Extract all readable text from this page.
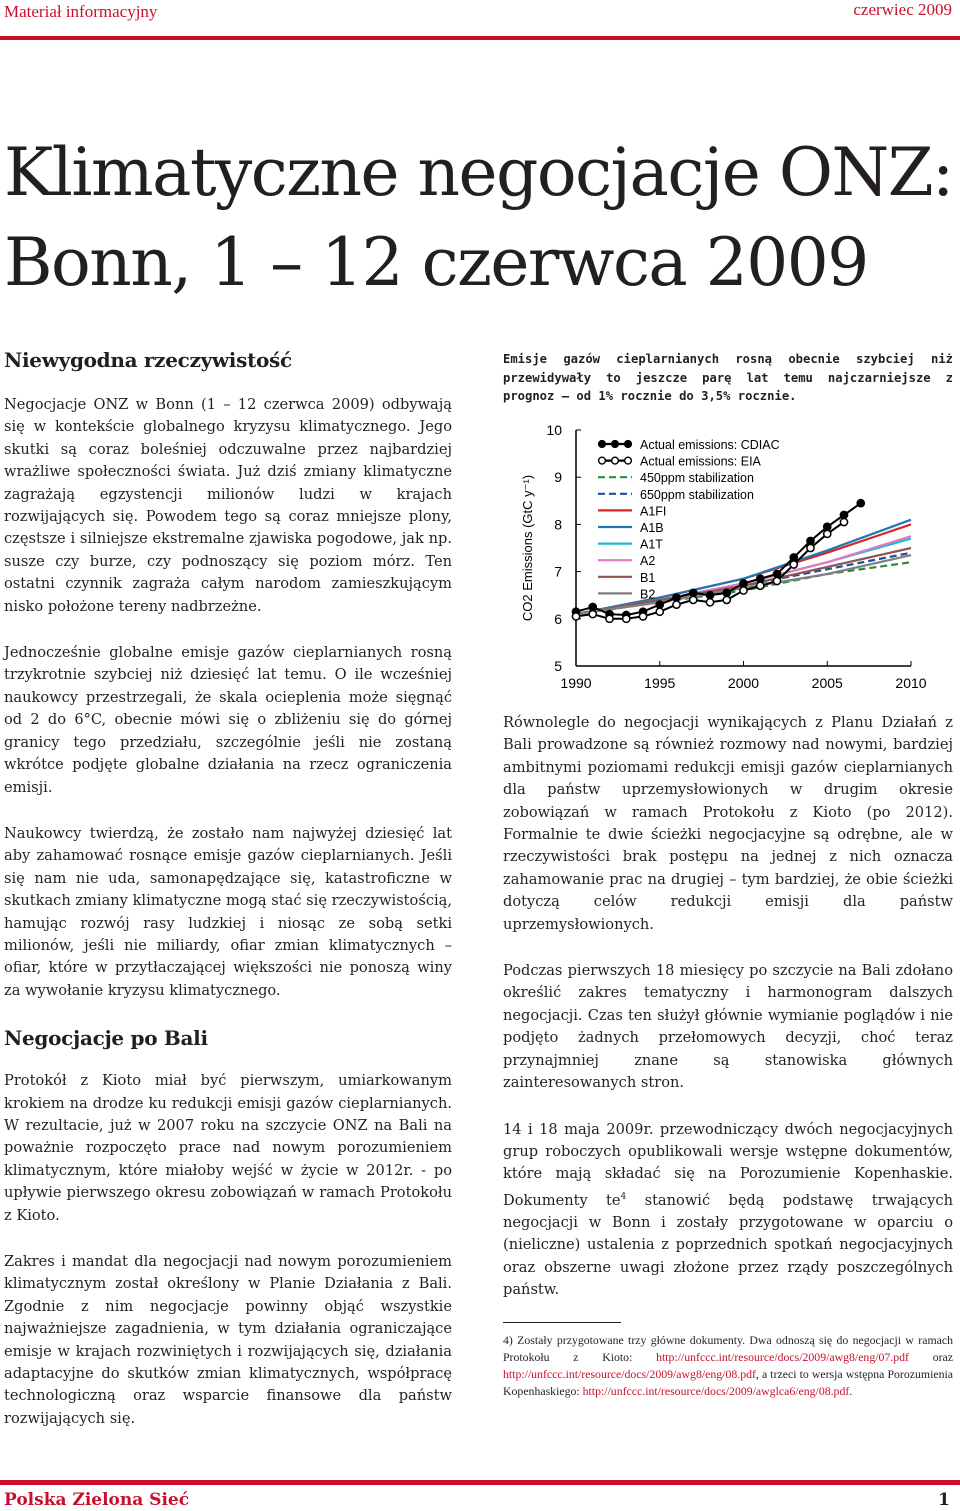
Materiał informacyjny	czerwiec 2009
Klimatyczne negocjacje ONZ:
Bonn, 1 – 12 czerwca 2009
Niewygodna rzeczywistość

Negocjacje ONZ w Bonn (1 – 12 czerwca 2009) odbywają się w kontekście globalnego kryzysu klimatycznego. Jego skutki są coraz boleśniej odczuwalne przez najbardziej wrażliwe społeczności świata. Już dziś zmiany klimatyczne zagrażają egzystencji milionów ludzi w krajach rozwijających się. Powodem tego są coraz mniejsze plony, częstsze i silniejsze ekstremalne zjawiska pogodowe, jak np. susze czy burze, czy podnoszący się poziom mórz. Ten ostatni czynnik zagraża całym narodom zamieszkującym nisko położone tereny nadbrzeżne.

Jednocześnie globalne emisje gazów cieplarnianych rosną trzykrotnie szybciej niż dziesięć lat temu. O ile wcześniej naukowcy przestrzegali, że skala ocieplenia może sięgnąć od 2 do 6°C, obecnie mówi się o zbliżeniu się do górnej granicy tego przedziału, szczególnie jeśli nie zostaną wkrótce podjęte globalne działania na rzecz ograniczenia emisji.

Naukowcy twierdzą, że zostało nam najwyżej dziesięć lat aby zahamować rosnące emisje gazów cieplarnianych. Jeśli się nam nie uda, samonapędzające się, katastroficzne w skutkach zmiany klimatyczne mogą stać się rzeczywistością, hamując rozwój rasy ludzkiej i niosąc ze sobą setki milionów, jeśli nie miliardy, ofiar zmian klimatycznych – ofiar, które w przytłaczającej większości nie ponoszą winy za wywołanie kryzysu klimatycznego.

Negocjacje po Bali

Protokół z Kioto miał być pierwszym, umiarkowanym krokiem na drodze ku redukcji emisji gazów cieplarnianych. W rezultacie, już w 2007 roku na szczycie ONZ na Bali na poważnie rozpoczęto prace nad nowym porozumieniem klimatycznym, które miałoby wejść w życie w 2012r. - po upływie pierwszego okresu zobowiązań w ramach Protokołu z Kioto.

Zakres i mandat dla negocjacji nad nowym porozumieniem klimatycznym został określony w Planie Działania z Bali. Zgodnie z nim negocjacje powinny objąć wszystkie najważniejsze zagadnienia, w tym działania ograniczające emisje w krajach rozwiniętych i rozwijających się, działania adaptacyjne do skutków zmian klimatycznych, współpracę technologiczną oraz wsparcie finansowe dla państw rozwijających się.

Emisje gazów cieplarnianych rosną obecnie szybciej niż przewidywały to jeszcze parę lat temu najczarniejsze z prognoz – od 1% rocznie do 3,5% rocznie.

5
6
7
8
9
10
1990	1995	2000	2005	2010
CO2 Emissions (GtC y⁻¹)
Actual emissions: CDIAC
Actual emissions: EIA
450ppm stabilization
650ppm stabilization
A1FI
A1B
A1T
A2
B1
B2

Równolegle do negocjacji wynikających z Planu Działań z Bali prowadzone są również rozmowy nad nowymi, bardziej ambitnymi poziomami redukcji emisji gazów cieplarnianych dla państw uprzemysłowionych w drugim okresie zobowiązań w ramach Protokołu z Kioto (po 2012). Formalnie te dwie ścieżki negocjacyjne są odrębne, ale w rzeczywistości brak postępu na jednej z nich oznacza zahamowanie prac na drugiej – tym bardziej, że obie ścieżki dotyczą celów redukcji emisji dla państw uprzemysłowionych.

Podczas pierwszych 18 miesięcy po szczycie na Bali zdołano określić zakres tematyczny i harmonogram dalszych negocjacji. Czas ten służył głównie wymianie poglądów i nie podjęto żadnych przełomowych decyzji, choć teraz przynajmniej znane są stanowiska głównych zainteresowanych stron.

14 i 18 maja 2009r. przewodniczący dwóch negocjacyjnych grup roboczych opublikowali wersje wstępne dokumentów, które mają składać się na Porozumienie Kopenhaskie. Dokumenty $te^4$ stanowić będą podstawę trwających negocjacji w Bonn i zostały przygotowane w oparciu o (nieliczne) ustalenia z poprzednich spotkań negocjacyjnych oraz obszerne uwagi złożone przez rządy poszczególnych państw.

4) Zostały przygotowane trzy główne dokumenty. Dwa odnoszą się do negocjacji w ramach Protokołu z Kioto: http://unfccc.int/resource/docs/2009/awg8/eng/07.pdf oraz http://unfccc.int/resource/docs/2009/awg8/eng/08.pdf, a trzeci to wersja wstępna Porozumienia Kopenhaskiego: http://unfccc.int/resource/docs/2009/awglca6/eng/08.pdf.

Polska Zielona Sieć	1
